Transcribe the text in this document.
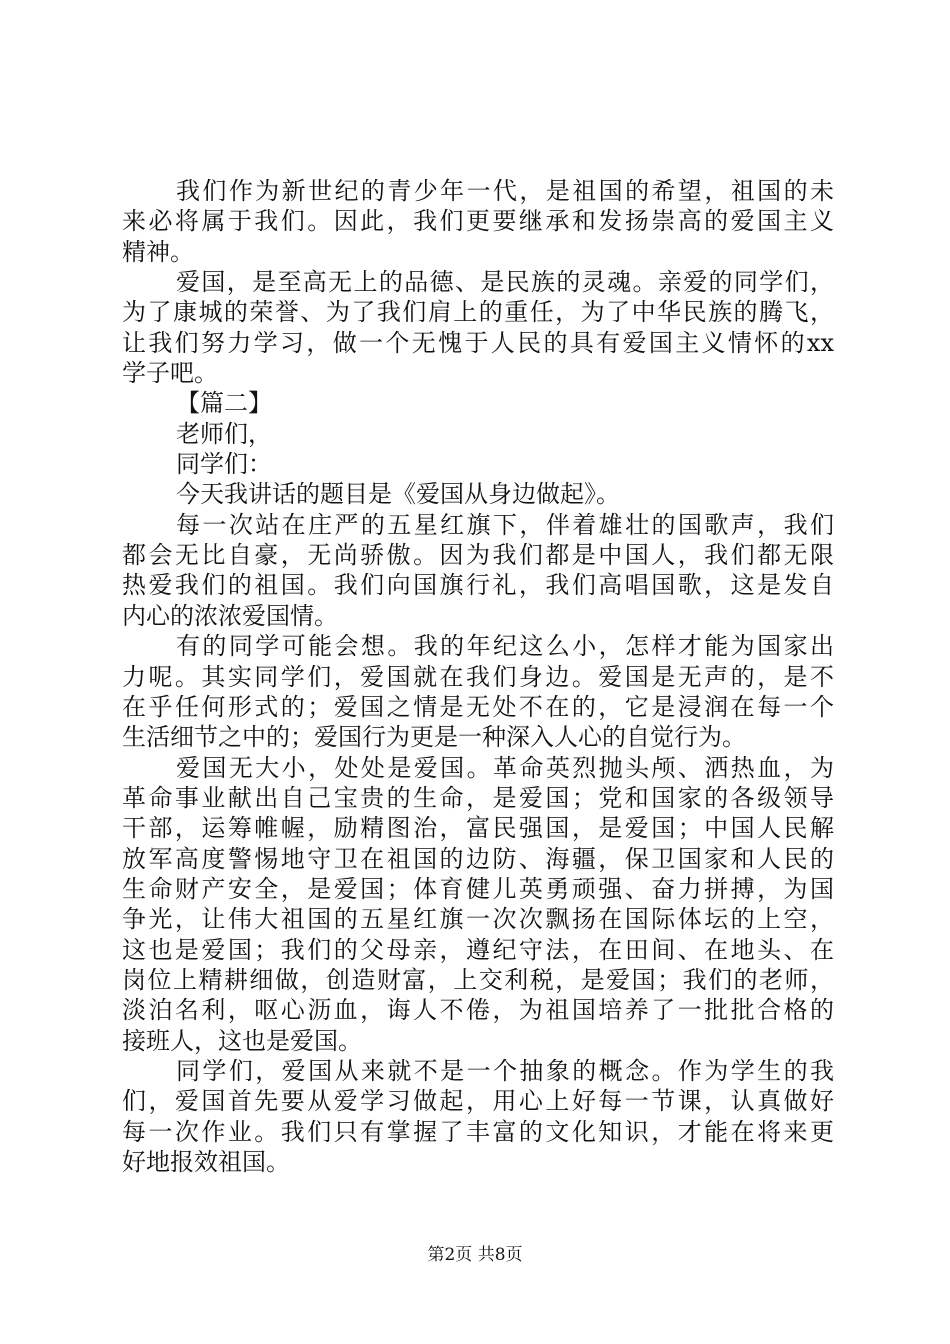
我们作为新世纪的青少年一代，是祖国的希望，祖国的未
来必将属于我们。因此，我们更要继承和发扬崇高的爱国主义
精神。
爱国，是至高无上的品德、是民族的灵魂。亲爱的同学们，
为了康城的荣誉、为了我们肩上的重任，为了中华民族的腾飞，
让我们努力学习，做一个无愧于人民的具有爱国主义情怀的xx
学子吧。
【篇二】
老师们，
同学们：
今天我讲话的题目是《爱国从身边做起》。
每一次站在庄严的五星红旗下，伴着雄壮的国歌声，我们
都会无比自豪，无尚骄傲。因为我们都是中国人，我们都无限
热爱我们的祖国。我们向国旗行礼，我们高唱国歌，这是发自
内心的浓浓爱国情。
有的同学可能会想。我的年纪这么小，怎样才能为国家出
力呢。其实同学们，爱国就在我们身边。爱国是无声的，是不
在乎任何形式的；爱国之情是无处不在的，它是浸润在每一个
生活细节之中的；爱国行为更是一种深入人心的自觉行为。
爱国无大小，处处是爱国。革命英烈抛头颅、洒热血，为
革命事业献出自己宝贵的生命，是爱国；党和国家的各级领导
干部，运筹帷幄，励精图治，富民强国，是爱国；中国人民解
放军高度警惕地守卫在祖国的边防、海疆，保卫国家和人民的
生命财产安全，是爱国；体育健儿英勇顽强、奋力拼搏，为国
争光，让伟大祖国的五星红旗一次次飘扬在国际体坛的上空，
这也是爱国；我们的父母亲，遵纪守法，在田间、在地头、在
岗位上精耕细做，创造财富，上交利税，是爱国；我们的老师，
淡泊名利，呕心沥血，诲人不倦，为祖国培养了一批批合格的
接班人，这也是爱国。
同学们，爱国从来就不是一个抽象的概念。作为学生的我
们，爱国首先要从爱学习做起，用心上好每一节课，认真做好
每一次作业。我们只有掌握了丰富的文化知识，才能在将来更
好地报效祖国。
第2页 共8页
